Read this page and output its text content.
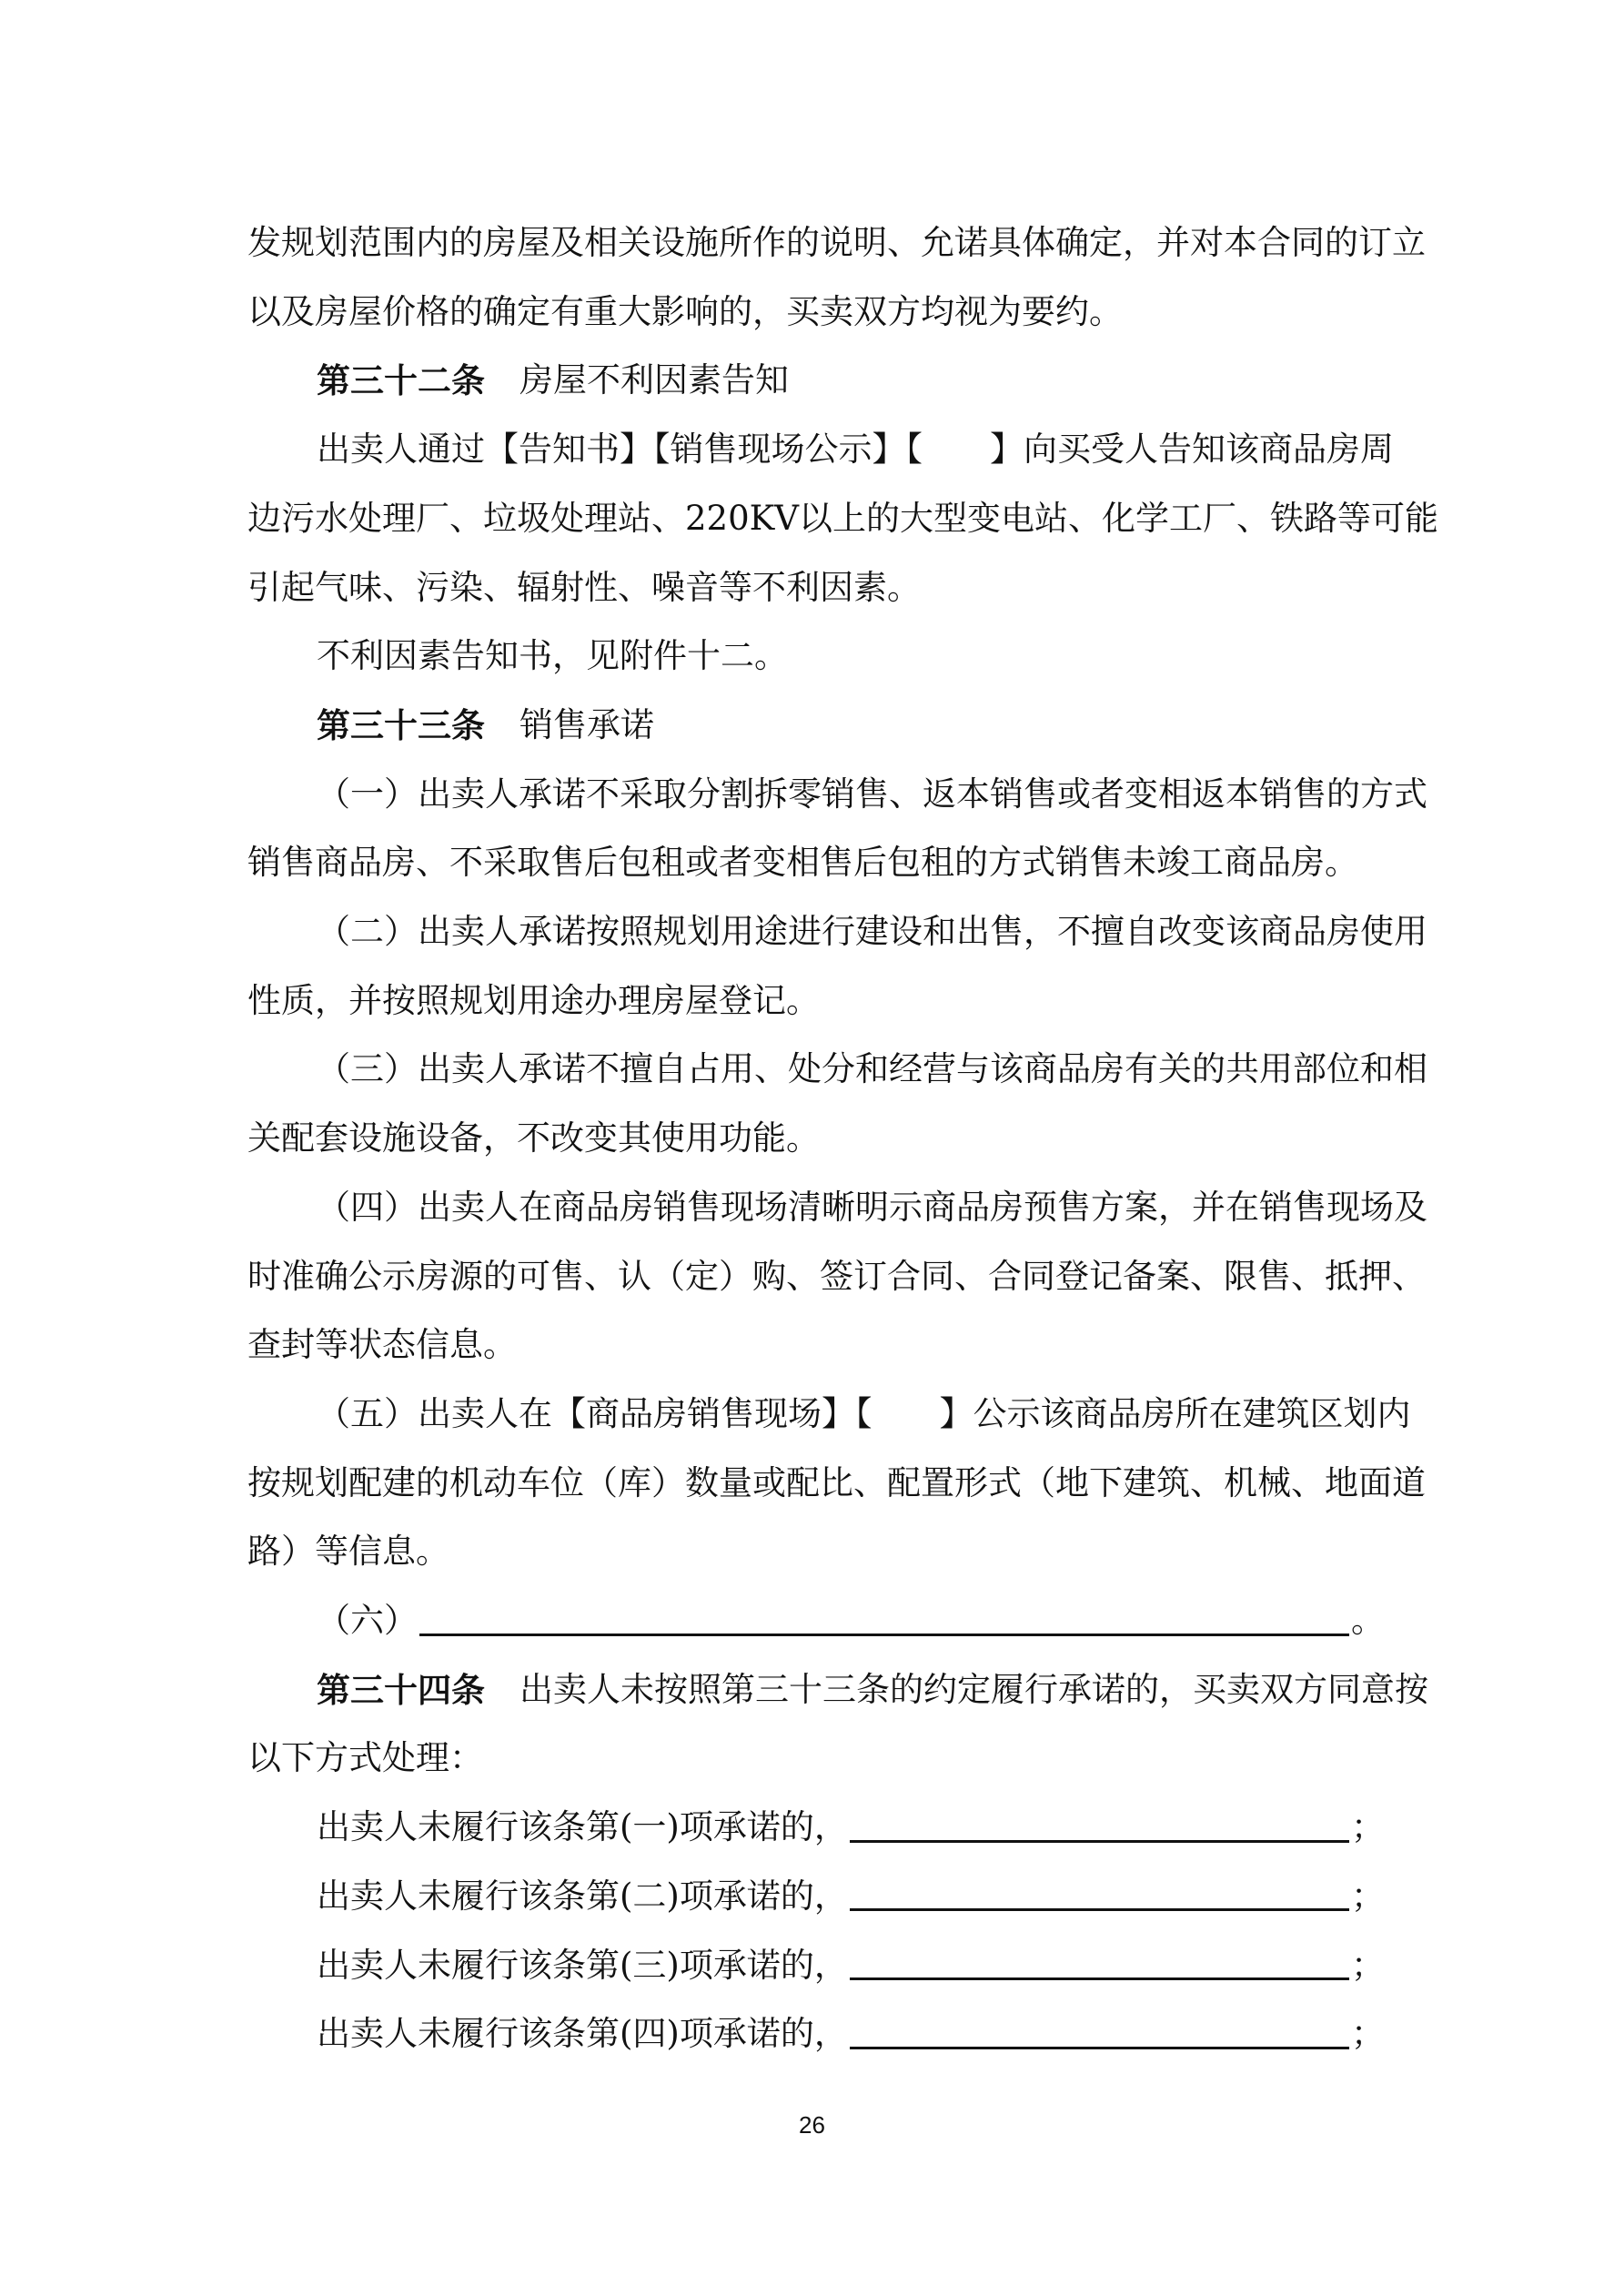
发规划范围内的房屋及相关设施所作的说明、允诺具体确定，并对本合同的订立
以及房屋价格的确定有重大影响的，买卖双方均视为要约。
第三十二条 房屋不利因素告知
出卖人通过【告知书】【销售现场公示】【　　】向买受人告知该商品房周
边污水处理厂、垃圾处理站、220KV以上的大型变电站、化学工厂、铁路等可能
引起气味、污染、辐射性、噪音等不利因素。
不利因素告知书，见附件十二。
第三十三条 销售承诺
（一）出卖人承诺不采取分割拆零销售、返本销售或者变相返本销售的方式
销售商品房、不采取售后包租或者变相售后包租的方式销售未竣工商品房。
（二）出卖人承诺按照规划用途进行建设和出售，不擅自改变该商品房使用
性质，并按照规划用途办理房屋登记。
（三）出卖人承诺不擅自占用、处分和经营与该商品房有关的共用部位和相
关配套设施设备，不改变其使用功能。
（四）出卖人在商品房销售现场清晰明示商品房预售方案，并在销售现场及
时准确公示房源的可售、认（定）购、签订合同、合同登记备案、限售、抵押、
查封等状态信息。
（五）出卖人在【商品房销售现场】【　　】公示该商品房所在建筑区划内
按规划配建的机动车位（库）数量或配比、配置形式（地下建筑、机械、地面道
路）等信息。
（六）	。
第三十四条 出卖人未按照第三十三条的约定履行承诺的，买卖双方同意按
以下方式处理：
出卖人未履行该条第(一)项承诺的，	；
出卖人未履行该条第(二)项承诺的，	；
出卖人未履行该条第(三)项承诺的，	；
出卖人未履行该条第(四)项承诺的，	；
26
